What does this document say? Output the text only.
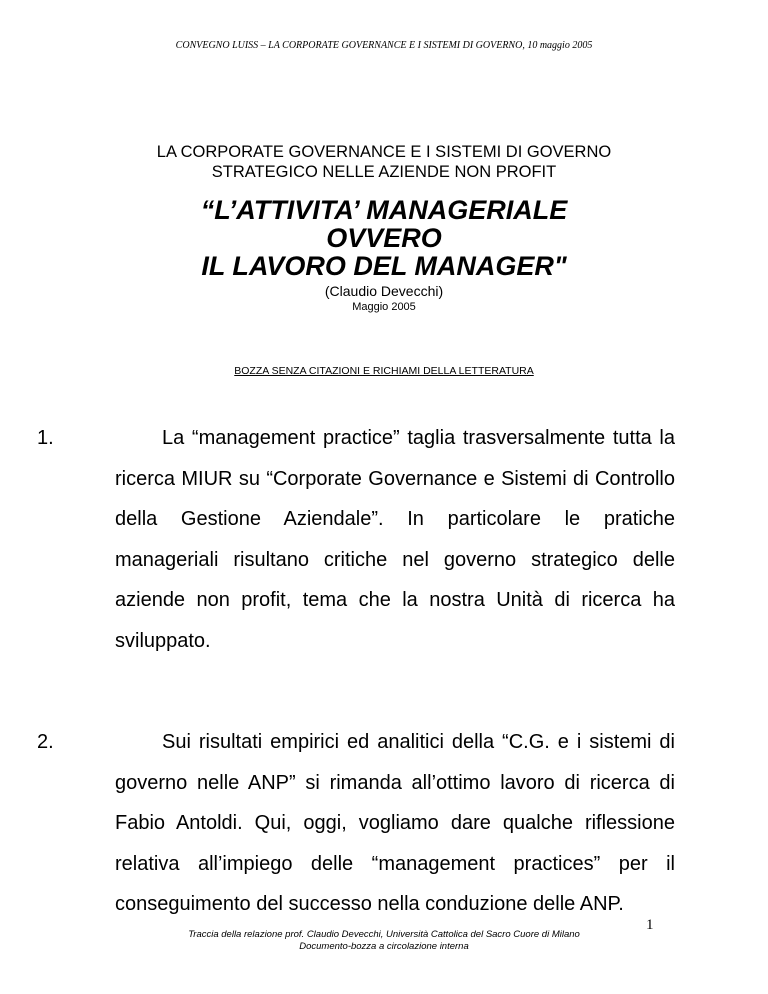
CONVEGNO LUISS – LA CORPORATE GOVERNANCE E I SISTEMI DI GOVERNO, 10 maggio 2005
LA CORPORATE GOVERNANCE E I SISTEMI DI GOVERNO
STRATEGICO NELLE AZIENDE NON PROFIT
“L’ATTIVITA’ MANAGERIALE
OVVERO
IL LAVORO DEL MANAGER"
(Claudio Devecchi)
Maggio 2005
BOZZA SENZA CITAZIONI E RICHIAMI DELLA LETTERATURA
1.	La “management practice” taglia trasversalmente tutta la ricerca MIUR su “Corporate Governance e Sistemi di Controllo della Gestione Aziendale”. In particolare le pratiche manageriali risultano critiche nel governo strategico delle aziende non profit, tema che la nostra Unità di ricerca ha sviluppato.

2.	Sui risultati empirici ed analitici della “C.G. e i sistemi di governo nelle ANP” si rimanda all’ottimo lavoro di ricerca di Fabio Antoldi. Qui, oggi, vogliamo dare qualche riflessione relativa all’impiego delle “management practices” per il conseguimento del successo nella conduzione delle ANP.

Traccia della relazione prof. Claudio Devecchi, Università Cattolica del Sacro Cuore di Milano
Documento-bozza a circolazione interna
1
